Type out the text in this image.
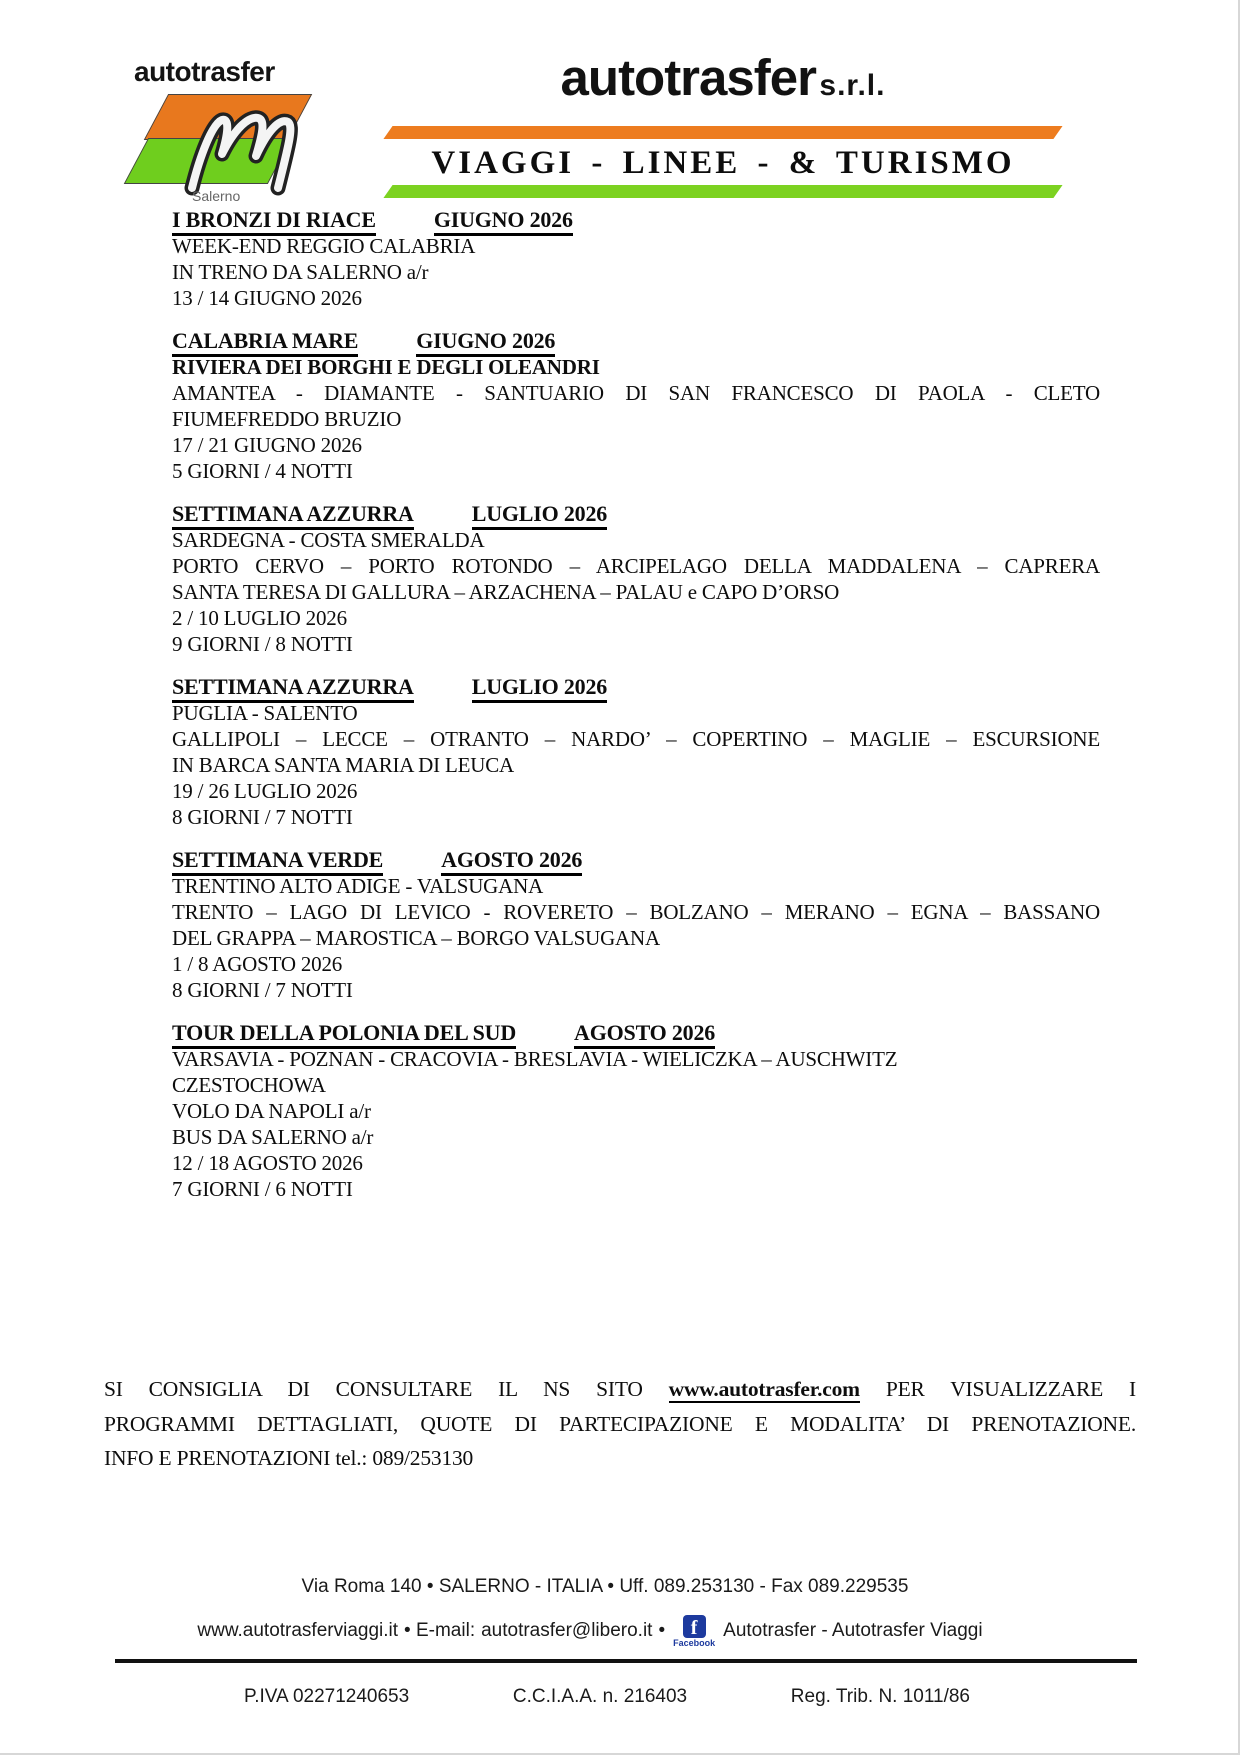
autotrasfer
Salerno
autotrasfer s.r.l.
VIAGGI - LINEE - & TURISMO
I BRONZI DI RIACE	GIUGNO 2026
WEEK-END REGGIO CALABRIA
IN TRENO DA SALERNO a/r
13 / 14 GIUGNO 2026
CALABRIA MARE	GIUGNO 2026
RIVIERA DEI BORGHI E DEGLI OLEANDRI
AMANTEA - DIAMANTE - SANTUARIO DI SAN FRANCESCO DI PAOLA - CLETO
FIUMEFREDDO BRUZIO
17 / 21 GIUGNO 2026
5 GIORNI / 4 NOTTI
SETTIMANA AZZURRA	LUGLIO 2026
SARDEGNA - COSTA SMERALDA
PORTO CERVO – PORTO ROTONDO – ARCIPELAGO DELLA MADDALENA – CAPRERA
SANTA TERESA DI GALLURA – ARZACHENA – PALAU e CAPO D’ORSO
2 / 10 LUGLIO 2026
9 GIORNI / 8 NOTTI
SETTIMANA AZZURRA	LUGLIO 2026
PUGLIA - SALENTO
GALLIPOLI – LECCE – OTRANTO – NARDO’ – COPERTINO – MAGLIE – ESCURSIONE
IN BARCA SANTA MARIA DI LEUCA
19 / 26 LUGLIO 2026
8 GIORNI / 7 NOTTI
SETTIMANA VERDE	AGOSTO 2026
TRENTINO ALTO ADIGE - VALSUGANA
TRENTO – LAGO DI LEVICO - ROVERETO – BOLZANO – MERANO – EGNA – BASSANO
DEL GRAPPA – MAROSTICA – BORGO VALSUGANA
1 / 8 AGOSTO 2026
8 GIORNI / 7 NOTTI
TOUR DELLA POLONIA DEL SUD	AGOSTO 2026
VARSAVIA - POZNAN - CRACOVIA - BRESLAVIA - WIELICZKA – AUSCHWITZ
CZESTOCHOWA
VOLO DA NAPOLI a/r
BUS DA SALERNO a/r
12 / 18 AGOSTO 2026
7 GIORNI / 6 NOTTI

SI CONSIGLIA DI CONSULTARE IL NS SITO www.autotrasfer.com PER VISUALIZZARE I
PROGRAMMI DETTAGLIATI, QUOTE DI PARTECIPAZIONE E MODALITA’ DI PRENOTAZIONE.
INFO E PRENOTAZIONI tel.: 089/253130

Via Roma 140 • SALERNO - ITALIA • Uff. 089.253130 - Fax 089.229535
www.autotrasferviaggi.it • E-mail: autotrasfer@libero.it •	f
Facebook
Autotrasfer - Autotrasfer Viaggi
P.IVA 02271240653	C.C.I.A.A. n. 216403	Reg. Trib. N. 1011/86
